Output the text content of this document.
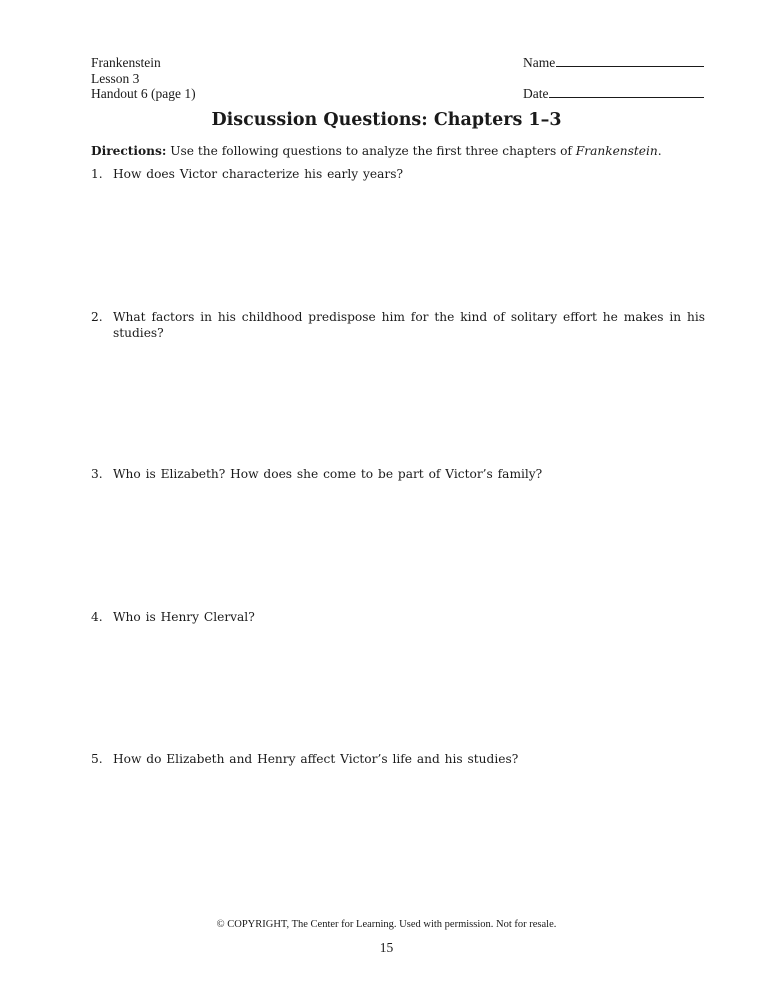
Frankenstein
Lesson 3
Handout 6 (page 1)
Name
Date
Discussion Questions: Chapters 1–3
Directions: Use the following questions to analyze the first three chapters of Frankenstein.
1. How does Victor characterize his early years?
2. What factors in his childhood predispose him for the kind of solitary effort he makes in his studies?
3. Who is Elizabeth? How does she come to be part of Victor’s family?
4. Who is Henry Clerval?
5. How do Elizabeth and Henry affect Victor’s life and his studies?
© COPYRIGHT, The Center for Learning. Used with permission. Not for resale.
15
